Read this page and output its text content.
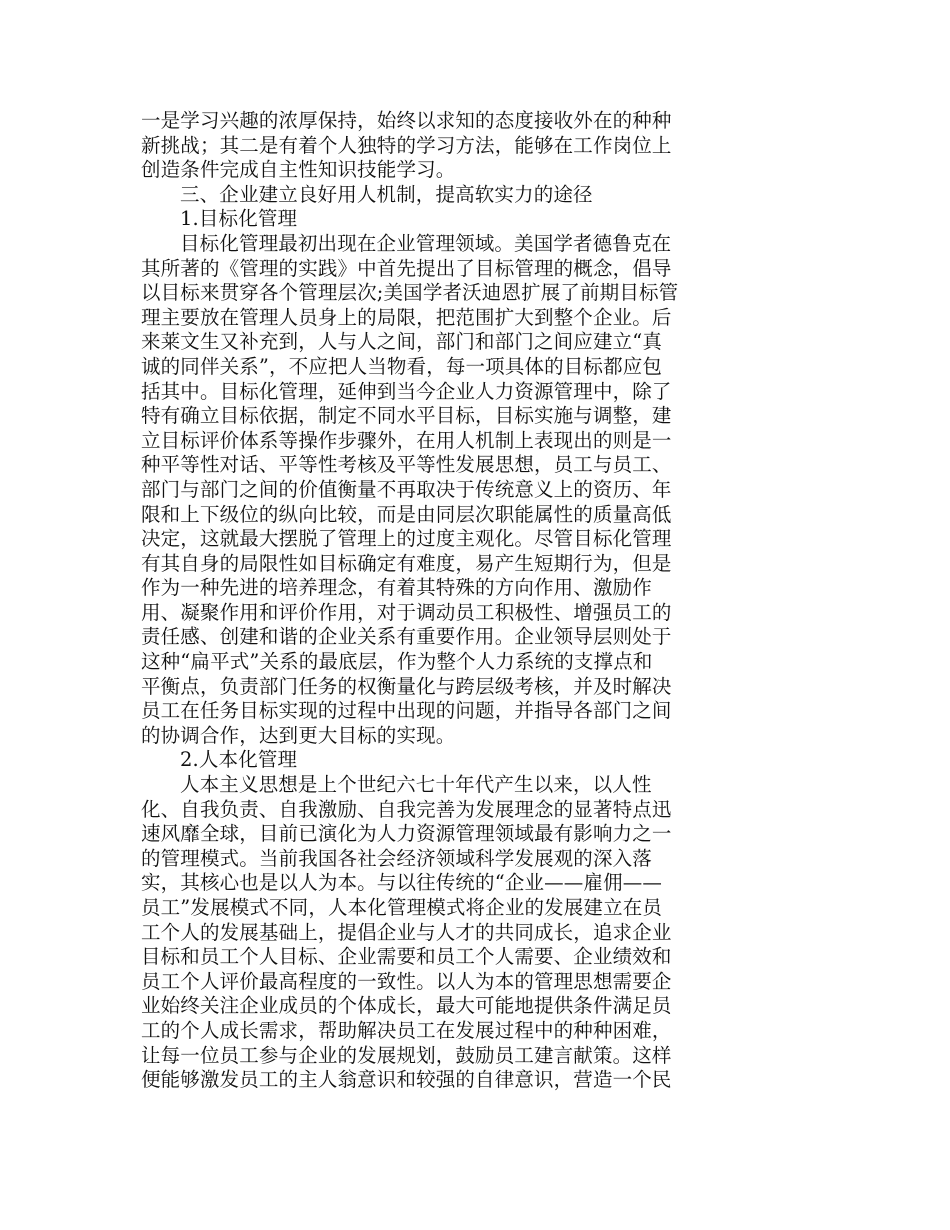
一是学习兴趣的浓厚保持，始终以求知的态度接收外在的种种
新挑战；其二是有着个人独特的学习方法，能够在工作岗位上
创造条件完成自主性知识技能学习。
三、企业建立良好用人机制，提高软实力的途径
1.目标化管理
目标化管理最初出现在企业管理领域。美国学者德鲁克在
其所著的《管理的实践》中首先提出了目标管理的概念，倡导
以目标来贯穿各个管理层次;美国学者沃迪恩扩展了前期目标管
理主要放在管理人员身上的局限，把范围扩大到整个企业。后
来莱文生又补充到，人与人之间，部门和部门之间应建立“真
诚的同伴关系”，不应把人当物看，每一项具体的目标都应包
括其中。目标化管理，延伸到当今企业人力资源管理中，除了
特有确立目标依据，制定不同水平目标，目标实施与调整，建
立目标评价体系等操作步骤外，在用人机制上表现出的则是一
种平等性对话、平等性考核及平等性发展思想，员工与员工、
部门与部门之间的价值衡量不再取决于传统意义上的资历、年
限和上下级位的纵向比较，而是由同层次职能属性的质量高低
决定，这就最大摆脱了管理上的过度主观化。尽管目标化管理
有其自身的局限性如目标确定有难度，易产生短期行为，但是
作为一种先进的培养理念，有着其特殊的方向作用、激励作
用、凝聚作用和评价作用，对于调动员工积极性、增强员工的
责任感、创建和谐的企业关系有重要作用。企业领导层则处于
这种“扁平式”关系的最底层，作为整个人力系统的支撑点和
平衡点，负责部门任务的权衡量化与跨层级考核，并及时解决
员工在任务目标实现的过程中出现的问题，并指导各部门之间
的协调合作，达到更大目标的实现。
2.人本化管理
人本主义思想是上个世纪六七十年代产生以来，以人性
化、自我负责、自我激励、自我完善为发展理念的显著特点迅
速风靡全球，目前已演化为人力资源管理领域最有影响力之一
的管理模式。当前我国各社会经济领域科学发展观的深入落
实，其核心也是以人为本。与以往传统的“企业——雇佣——
员工”发展模式不同，人本化管理模式将企业的发展建立在员
工个人的发展基础上，提倡企业与人才的共同成长，追求企业
目标和员工个人目标、企业需要和员工个人需要、企业绩效和
员工个人评价最高程度的一致性。以人为本的管理思想需要企
业始终关注企业成员的个体成长，最大可能地提供条件满足员
工的个人成长需求，帮助解决员工在发展过程中的种种困难，
让每一位员工参与企业的发展规划，鼓励员工建言献策。这样
便能够激发员工的主人翁意识和较强的自律意识，营造一个民
